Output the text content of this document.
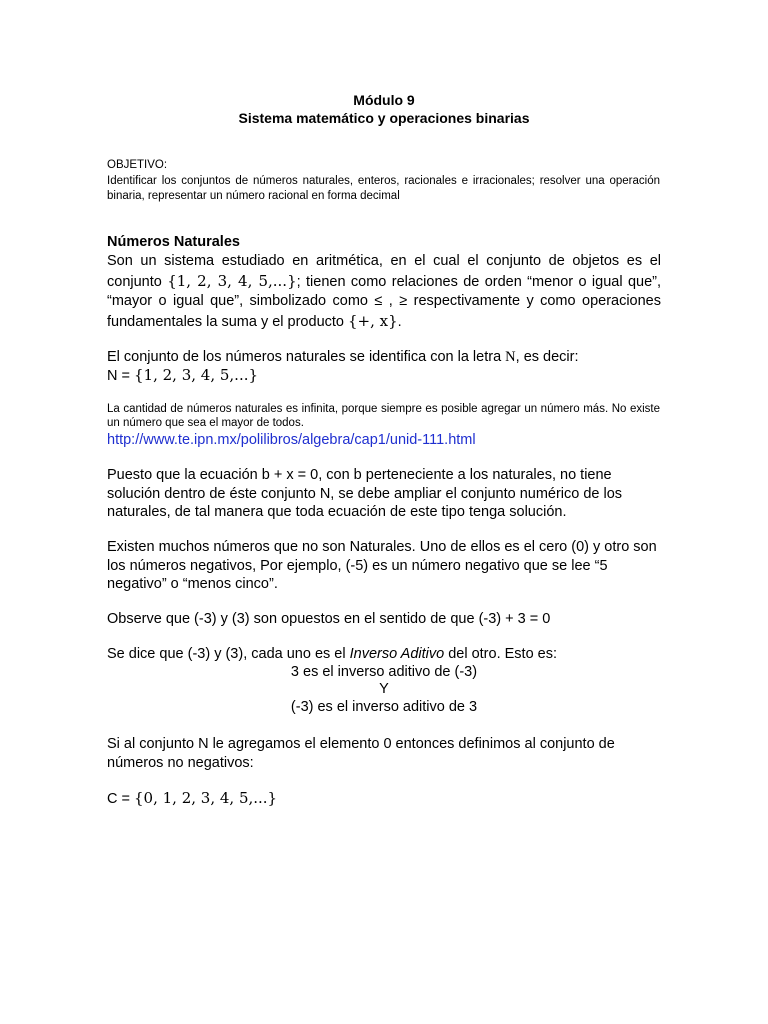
Módulo 9
Sistema matemático y operaciones binarias
OBJETIVO:
Identificar los conjuntos de números naturales, enteros, racionales e irracionales; resolver una operación binaria, representar un número racional en forma decimal
Números Naturales
Son un sistema estudiado en aritmética, en el cual el conjunto de objetos es el conjunto {1, 2, 3, 4, 5,...}; tienen como relaciones de orden “menor o igual que”, “mayor o igual que”, simbolizado como ≤ , ≥ respectivamente y como operaciones fundamentales la suma y el producto {+, x}.
El conjunto de los números naturales se identifica con la letra N, es decir:
N = {1, 2, 3, 4, 5,...}
La cantidad de números naturales es infinita, porque siempre es posible agregar un número más. No existe un número que sea el mayor de todos.
http://www.te.ipn.mx/polilibros/algebra/cap1/unid-111.html
Puesto que la ecuación b + x = 0, con b perteneciente a los naturales, no tiene solución dentro de éste conjunto N, se debe ampliar el conjunto numérico de los naturales, de tal manera que toda ecuación de este tipo tenga solución.
Existen muchos números que no son Naturales. Uno de ellos es el cero (0) y otro son los números negativos, Por ejemplo, (-5) es un número negativo que se lee “5 negativo” o “menos cinco”.
Observe que (-3) y (3) son opuestos en el sentido de que (-3) + 3 = 0
Se dice que (-3) y (3), cada uno es el Inverso Aditivo del otro. Esto es:
3 es el inverso aditivo de (-3)
Y
(-3) es el inverso aditivo de 3
Si al conjunto N le agregamos el elemento 0 entonces definimos al conjunto de números no negativos:
C = {0, 1, 2, 3, 4, 5,...}
